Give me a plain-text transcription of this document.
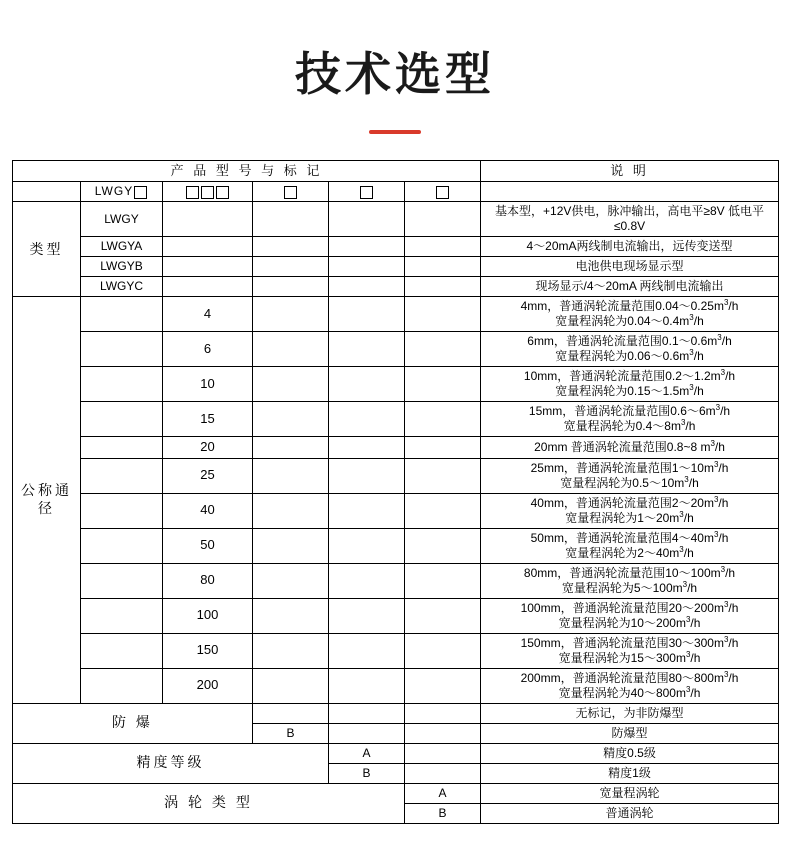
技术选型
产 品 型 号 与 标 记						说 明
	LWGY					
类型	LWGY					基本型，+12V供电，脉冲输出，高电平≥8V 低电平≤0.8V
	LWGYA					4～20mA两线制电流输出，远传变送型
	LWGYB					电池供电现场显示型
	LWGYC					现场显示/4～20mA 两线制电流输出
公称通径		4				4mm，普通涡轮流量范围$0.04\sim 0.25m^3/h$
宽量程涡轮为$0.04\sim 0.4m^3/h$

		6				6mm，普通涡轮流量范围$0.1\sim 0.6m^3/h$
宽量程涡轮为$0.06\sim 0.6m^3/h$

		10				10mm，普通涡轮流量范围$0.2\sim 1.2m^3/h$
宽量程涡轮为$0.15\sim 1.5m^3/h$

		15				15mm，普通涡轮流量范围$0.6\sim 6m^3/h$
宽量程涡轮为$0.4\sim 8m^3/h$

		20				20mm 普通涡轮流量范围0.8~8 $m^3/h$
		25				25mm，普通涡轮流量范围$1\sim 10m^3/h$
宽量程涡轮为$0.5\sim 10m^3/h$

		40				40mm，普通涡轮流量范围$2\sim 20m^3/h$
宽量程涡轮为$1\sim 20m^3/h$

		50				50mm，普通涡轮流量范围$4\sim 40m^3/h$
宽量程涡轮为$2\sim 40m^3/h$

		80				80mm，普通涡轮流量范围$10\sim 100m^3/h$
宽量程涡轮为$5\sim 100m^3/h$

		100				100mm，普通涡轮流量范围$20\sim 200m^3/h$
宽量程涡轮为$10\sim 200m^3/h$

		150				150mm，普通涡轮流量范围$30\sim 300m^3/h$
宽量程涡轮为$15\sim 300m^3/h$

		200				200mm，普通涡轮流量范围$80\sim 800m^3/h$
宽量程涡轮为$40\sim 800m^3/h$

防 爆						无标记，为非防爆型
			B			防爆型
精度等级				A		精度0.5级
				B		精度1级
涡 轮 类 型					A	宽量程涡轮
					B	普通涡轮
